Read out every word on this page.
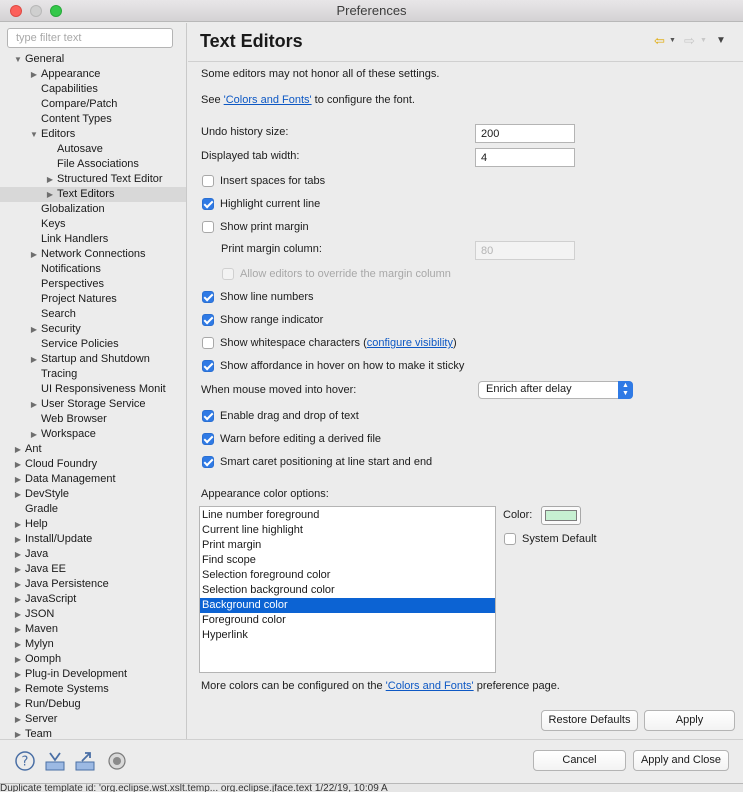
Preferences
type filter text
▼ General
▶ Appearance
Capabilities
Compare/Patch
Content Types
▼ Editors
Autosave
File Associations
▶ Structured Text Editor
▶ Text Editors
Globalization
Keys
Link Handlers
▶ Network Connections
Notifications
Perspectives
Project Natures
Search
▶ Security
Service Policies
▶ Startup and Shutdown
Tracing
UI Responsiveness Monit
▶ User Storage Service
Web Browser
▶ Workspace
▶ Ant
▶ Cloud Foundry
▶ Data Management
▶ DevStyle
Gradle
▶ Help
▶ Install/Update
▶ Java
▶ Java EE
▶ Java Persistence
▶ JavaScript
▶ JSON
▶ Maven
▶ Mylyn
▶ Oomph
▶ Plug-in Development
▶ Remote Systems
▶ Run/Debug
▶ Server
▶ Team
Text Editors	⇦ ▼ ⇨ ▼ ▼
Some editors may not honor all of these settings.
See 'Colors and Fonts' to configure the font.
Undo history size:
200
Displayed tab width:
4
Insert spaces for tabs
Highlight current line
Show print margin
Print margin column:
80
Allow editors to override the margin column
Show line numbers
Show range indicator
Show whitespace characters (configure visibility)
Show affordance in hover on how to make it sticky
When mouse moved into hover:	Enrich after delay	▲
▼
Enable drag and drop of text
Warn before editing a derived file
Smart caret positioning at line start and end
Appearance color options:
Line number foreground
Current line highlight
Print margin
Find scope
Selection foreground color
Selection background color
Background color
Foreground color
Hyperlink
Color:
System Default
More colors can be configured on the 'Colors and Fonts' preference page.
Restore Defaults	Apply
?	Cancel	Apply and Close
Duplicate template id: 'org.eclipse.wst.xslt.temp... org.eclipse.jface.text 1/22/19, 10:09 A
